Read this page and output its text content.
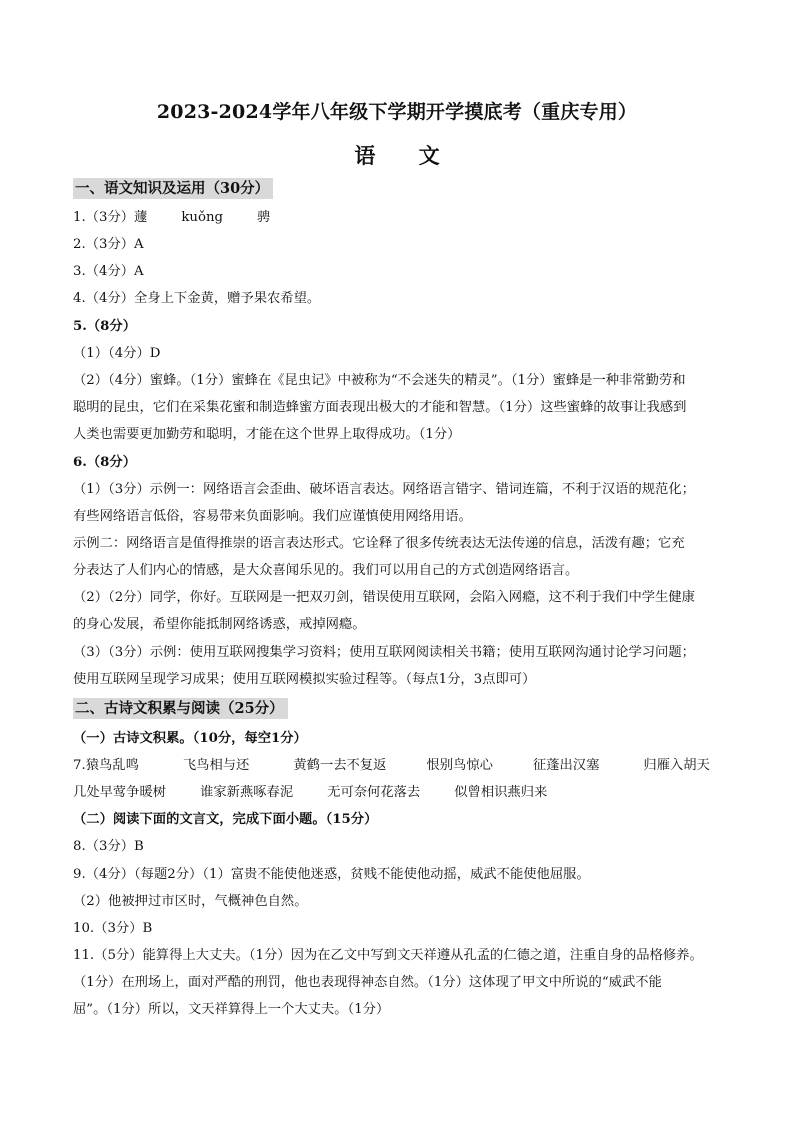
2023-2024学年八年级下学期开学摸底考（重庆专用）
语 文
一、语文知识及运用（30分）
1.（3分）蘧	kuǒng	骋
2.（3分）A
3.（4分）A
4.（4分）全身上下金黄，赠予果农希望。
5.（8分）
（1）（4分）D
（2）（4分）蜜蜂。（1分）蜜蜂在《昆虫记》中被称为“不会迷失的精灵”。（1分）蜜蜂是一种非常勤劳和
聪明的昆虫，它们在采集花蜜和制造蜂蜜方面表现出极大的才能和智慧。（1分）这些蜜蜂的故事让我感到
人类也需要更加勤劳和聪明，才能在这个世界上取得成功。（1分）
6.（8分）
（1）（3分）示例一：网络语言会歪曲、破坏语言表达。网络语言错字、错词连篇，不利于汉语的规范化；
有些网络语言低俗，容易带来负面影响。我们应谨慎使用网络用语。
示例二：网络语言是值得推崇的语言表达形式。它诠释了很多传统表达无法传递的信息，活泼有趣；它充
分表达了人们内心的情感，是大众喜闻乐见的。我们可以用自己的方式创造网络语言。
（2）（2分）同学，你好。互联网是一把双刃剑，错误使用互联网，会陷入网瘾，这不利于我们中学生健康
的身心发展，希望你能抵制网络诱惑，戒掉网瘾。
（3）（3分）示例：使用互联网搜集学习资料；使用互联网阅读相关书籍；使用互联网沟通讨论学习问题；
使用互联网呈现学习成果；使用互联网模拟实验过程等。（每点1分，3点即可）
二、古诗文积累与阅读（25分）
（一）古诗文积累。（10分，每空1分）
7.猿鸟乱鸣	飞鸟相与还	黄鹤一去不复返	恨别鸟惊心	征蓬出汉塞	归雁入胡天
几处早莺争暖树	谁家新燕啄春泥	无可奈何花落去	似曾相识燕归来
（二）阅读下面的文言文，完成下面小题。（15分）
8.（3分）B
9.（4分）（每题2分）（1）富贵不能使他迷惑，贫贱不能使他动摇，威武不能使他屈服。
（2）他被押过市区时，气概神色自然。
10.（3分）B
11.（5分）能算得上大丈夫。（1分）因为在乙文中写到文天祥遵从孔孟的仁德之道，注重自身的品格修养。
（1分）在刑场上，面对严酷的刑罚，他也表现得神态自然。（1分）这体现了甲文中所说的“威武不能
屈”。（1分）所以，文天祥算得上一个大丈夫。（1分）
